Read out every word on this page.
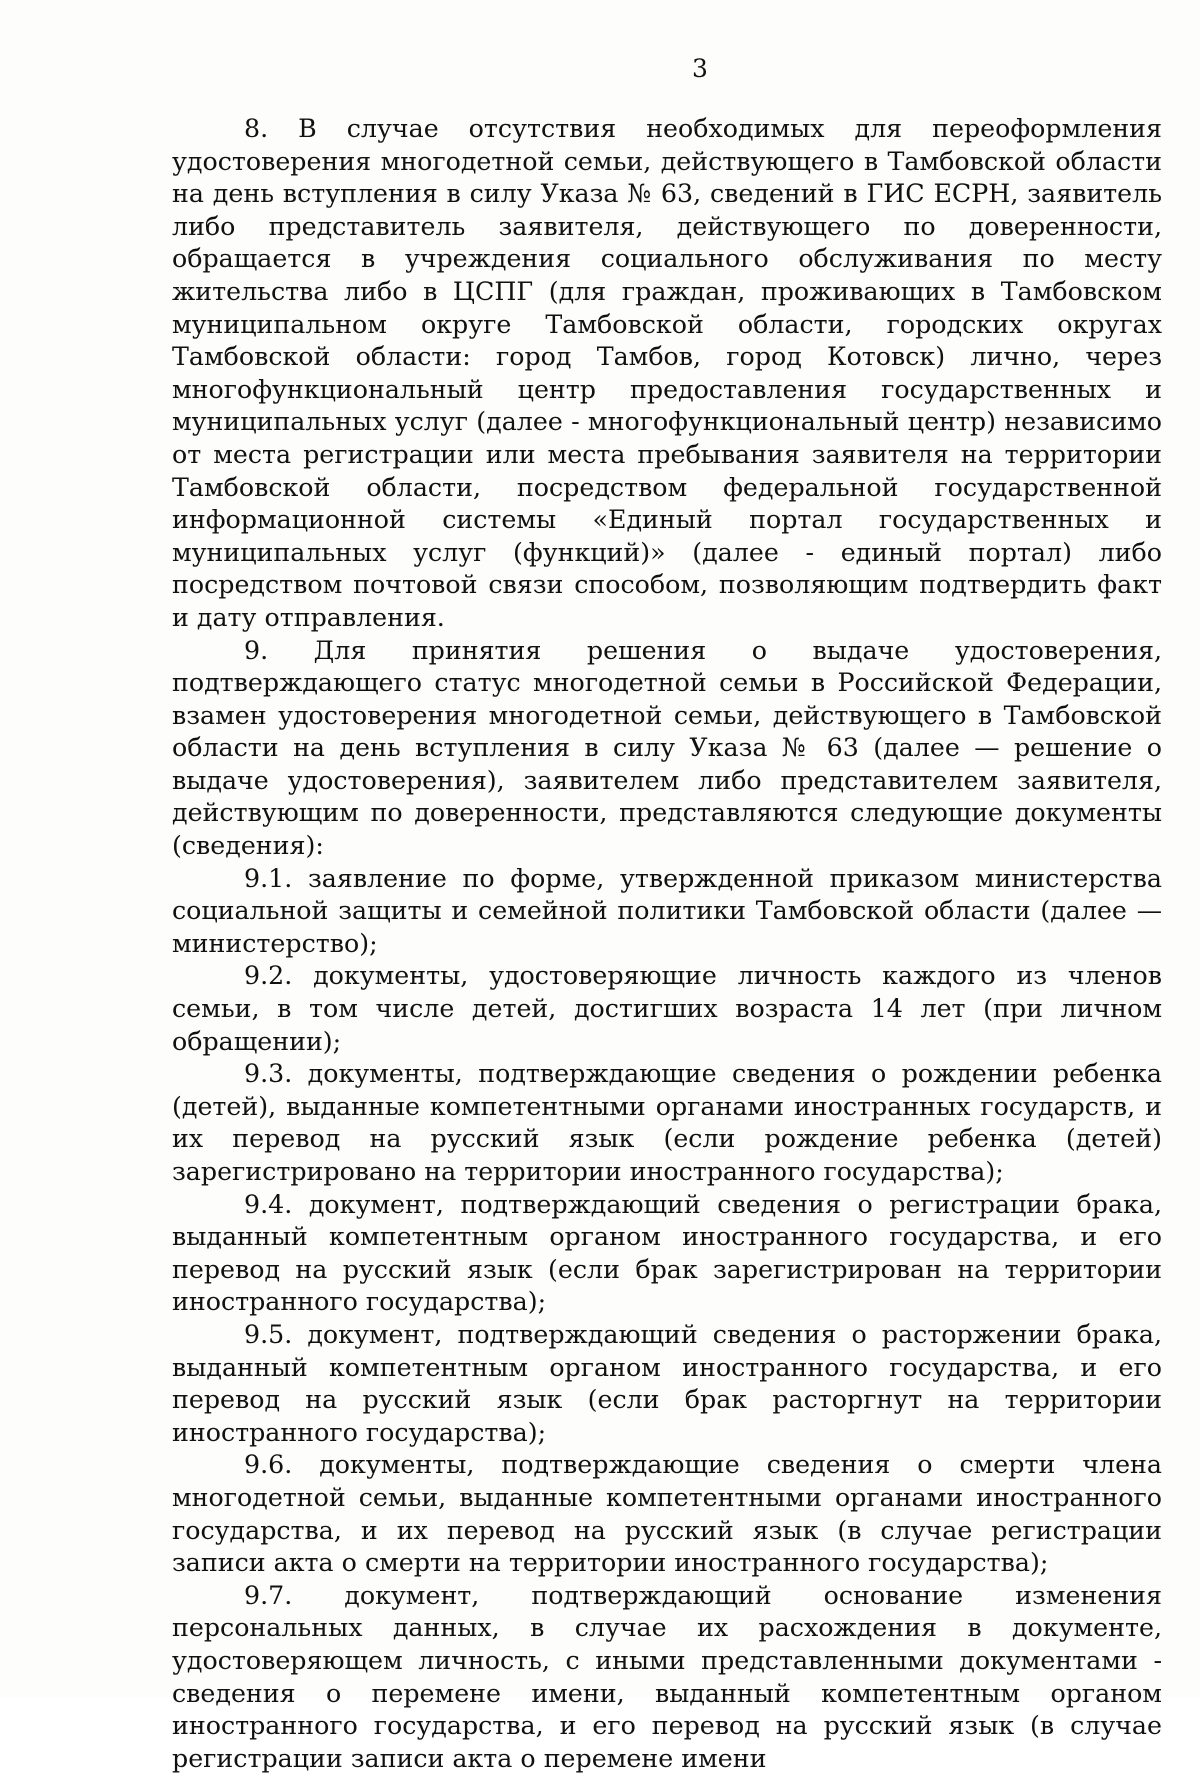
3

8. В случае отсутствия необходимых для переоформления удостоверения многодетной семьи, действующего в Тамбовской области на день вступления в силу Указа № 63, сведений в ГИС ЕСРН, заявитель либо представитель заявителя, действующего по доверенности, обращается в учреждения социального обслуживания по месту жительства либо в ЦСПГ (для граждан, проживающих в Тамбовском муниципальном округе Тамбовской области, городских округах Тамбовской области: город Тамбов, город Котовск) лично, через многофункциональный центр предоставления государственных и муниципальных услуг (далее - многофункциональный центр) независимо от места регистрации или места пребывания заявителя на территории Тамбовской области, посредством федеральной государственной информационной системы «Единый портал государственных и муниципальных услуг (функций)» (далее - единый портал) либо посредством почтовой связи способом, позволяющим подтвердить факт и дату отправления.

9. Для принятия решения о выдаче удостоверения, подтверждающего статус многодетной семьи в Российской Федерации, взамен удостоверения многодетной семьи, действующего в Тамбовской области на день вступления в силу Указа № 63 (далее — решение о выдаче удостоверения), заявителем либо представителем заявителя, действующим по доверенности, представляются следующие документы (сведения):

9.1. заявление по форме, утвержденной приказом министерства социальной защиты и семейной политики Тамбовской области (далее — министерство);

9.2. документы, удостоверяющие личность каждого из членов семьи, в том числе детей, достигших возраста 14 лет (при личном обращении);

9.3. документы, подтверждающие сведения о рождении ребенка (детей), выданные компетентными органами иностранных государств, и их перевод на русский язык (если рождение ребенка (детей) зарегистрировано на территории иностранного государства);

9.4. документ, подтверждающий сведения о регистрации брака, выданный компетентным органом иностранного государства, и его перевод на русский язык (если брак зарегистрирован на территории иностранного государства);

9.5. документ, подтверждающий сведения о расторжении брака, выданный компетентным органом иностранного государства, и его перевод на русский язык (если брак расторгнут на территории иностранного государства);

9.6. документы, подтверждающие сведения о смерти члена многодетной семьи, выданные компетентными органами иностранного государства, и их перевод на русский язык (в случае регистрации записи акта о смерти на территории иностранного государства);

9.7. документ, подтверждающий основание изменения персональных данных, в случае их расхождения в документе, удостоверяющем личность, с иными представленными документами - сведения о перемене имени, выданный компетентным органом иностранного государства, и его перевод на русский язык (в случае регистрации записи акта о перемене имени
